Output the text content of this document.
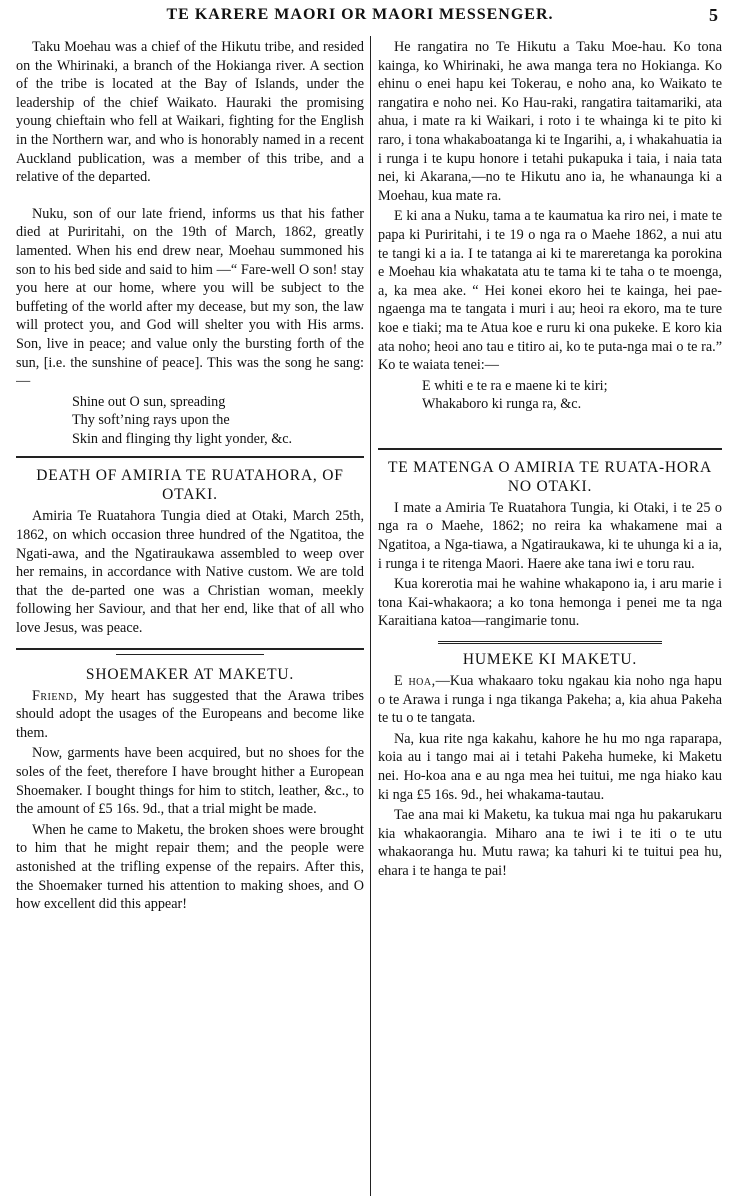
TE KARERE MAORI OR MAORI MESSENGER.	5

Taku Moehau was a chief of the Hikutu tribe, and resided on the Whirinaki, a branch of the Hokianga river. A section of the tribe is located at the Bay of Islands, under the leadership of the chief Waikato. Hauraki the promising young chieftain who fell at Waikari, fighting for the English in the Northern war, and who is honorably named in a recent Auckland publication, was a member of this tribe, and a relative of the departed.

Nuku, son of our late friend, informs us that his father died at Puriritahi, on the 19th of March, 1862, greatly lamented. When his end drew near, Moehau summoned his son to his bed side and said to him —“ Fare-well O son! stay you here at our home, where you will be subject to the buffeting of the world after my decease, but my son, the law will protect you, and God will shelter you with His arms. Son, live in peace; and value only the bursting forth of the sun, [i.e. the sunshine of peace]. This was the song he sang:—

Shine out O sun, spreading
Thy soft’ning rays upon the
Skin and flinging thy light yonder, &c.
DEATH OF AMIRIA TE RUATAHORA, OF OTAKI.

Amiria Te Ruatahora Tungia died at Otaki, March 25th, 1862, on which occasion three hundred of the Ngatitoa, the Ngati-awa, and the Ngatiraukawa assembled to weep over her remains, in accordance with Native custom. We are told that the de-parted one was a Christian woman, meekly following her Saviour, and that her end, like that of all who love Jesus, was peace.

SHOEMAKER AT MAKETU.

Friend, My heart has suggested that the Arawa tribes should adopt the usages of the Europeans and become like them.

Now, garments have been acquired, but no shoes for the soles of the feet, therefore I have brought hither a European Shoemaker. I bought things for him to stitch, leather, &c., to the amount of £5 16s. 9d., that a trial might be made.

When he came to Maketu, the broken shoes were brought to him that he might repair them; and the people were astonished at the trifling expense of the repairs. After this, the Shoemaker turned his attention to making shoes, and O how excellent did this appear!

He rangatira no Te Hikutu a Taku Moe-hau. Ko tona kainga, ko Whirinaki, he awa manga tera no Hokianga. Ko ehinu o enei hapu kei Tokerau, e noho ana, ko Waikato te rangatira e noho nei. Ko Hau-raki, rangatira taitamariki, ata ahua, i mate ra ki Waikari, i roto i te whainga ki te pito ki raro, i tona whakaboatanga ki te Ingarihi, a, i whakahuatia ia i runga i te kupu honore i tetahi pukapuka i taia, i naia tata nei, ki Akarana,—no te Hikutu ano ia, he whanaunga ki a Moehau, kua mate ra.

E ki ana a Nuku, tama a te kaumatua ka riro nei, i mate te papa ki Puriritahi, i te 19 o nga ra o Maehe 1862, a nui atu te tangi ki a ia. I te tatanga ai ki te mareretanga ka porokina e Moehau kia whakatata atu te tama ki te taha o te moenga, a, ka mea ake. “ Hei konei ekoro hei te kainga, hei pae-ngaenga ma te tangata i muri i au; heoi ra ekoro, ma te ture koe e tiaki; ma te Atua koe e ruru ki ona pukeke. E koro kia ata noho; heoi ano tau e titiro ai, ko te puta-nga mai o te ra.” Ko te waiata tenei:—

E whiti e te ra e maene ki te kiri;
Whakaboro ki runga ra, &c.
TE MATENGA O AMIRIA TE RUATA-HORA NO OTAKI.

I mate a Amiria Te Ruatahora Tungia, ki Otaki, i te 25 o nga ra o Maehe, 1862; no reira ka whakamene mai a Ngatitoa, a Nga-tiawa, a Ngatiraukawa, ki te uhunga ki a ia, i runga i te ritenga Maori. Haere ake tana iwi e toru rau.

Kua korerotia mai he wahine whakapono ia, i aru marie i tona Kai-whakaora; a ko tona hemonga i penei me ta nga Karaitiana katoa—rangimarie tonu.

HUMEKE KI MAKETU.

E hoa,—Kua whakaaro toku ngakau kia noho nga hapu o te Arawa i runga i nga tikanga Pakeha; a, kia ahua Pakeha te tu o te tangata.

Na, kua rite nga kakahu, kahore he hu mo nga raparapa, koia au i tango mai ai i tetahi Pakeha humeke, ki Maketu nei. Ho-koa ana e au nga mea hei tuitui, me nga hiako kau ki nga £5 16s. 9d., hei whakama-tautau.

Tae ana mai ki Maketu, ka tukua mai nga hu pakarukaru kia whakaorangia. Miharo ana te iwi i te iti o te utu whakaoranga hu. Mutu rawa; ka tahuri ki te tuitui pea hu, ehara i te hanga te pai!
